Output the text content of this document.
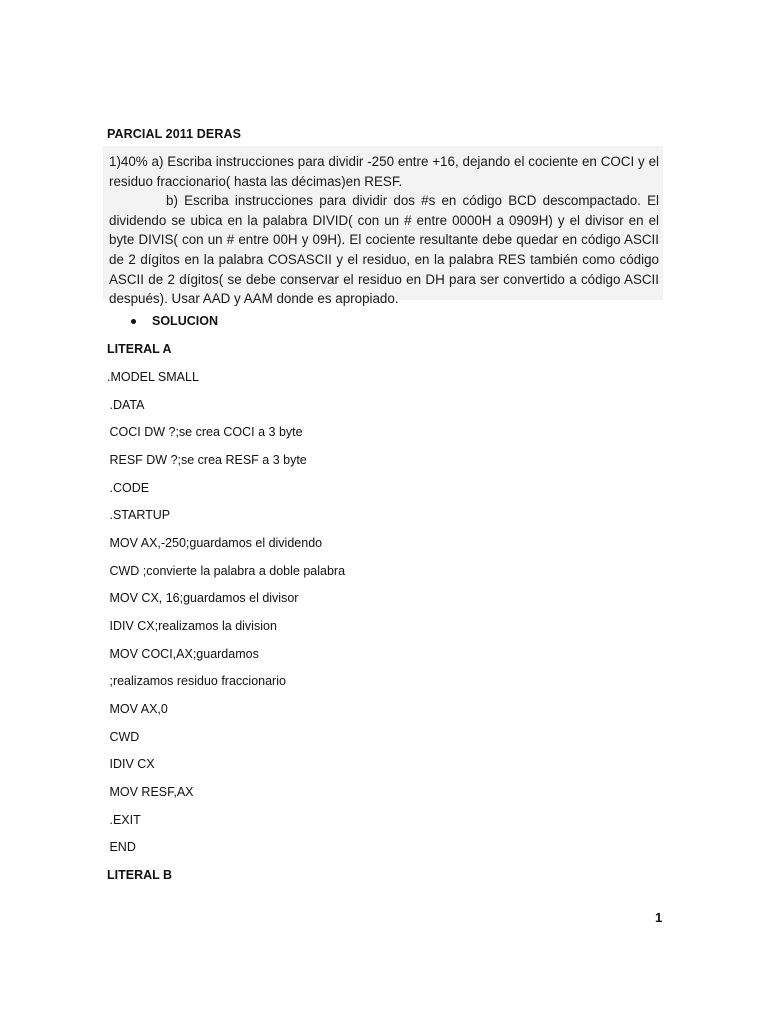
PARCIAL 2011 DERAS

1)40% a) Escriba instrucciones para dividir -250 entre +16, dejando el cociente en COCI y el residuo fraccionario( hasta las décimas)en RESF.

b) Escriba instrucciones para dividir dos #s en código BCD descompactado. El dividendo se ubica en la palabra DIVID( con un # entre 0000H a 0909H) y el divisor en el byte DIVIS( con un # entre 00H y 09H). El cociente resultante debe quedar en código ASCII de 2 dígitos en la palabra COSASCII y el residuo, en la palabra RES también como código ASCII de 2 dígitos( se debe conservar el residuo en DH para ser convertido a código ASCII después). Usar AAD y AAM donde es apropiado.

SOLUCION
LITERAL A
.MODEL SMALL
.DATA
COCI DW ?;se crea COCI a 3 byte
RESF DW ?;se crea RESF a 3 byte
.CODE
.STARTUP
MOV AX,-250;guardamos el dividendo
CWD ;convierte la palabra a doble palabra
MOV CX, 16;guardamos el divisor
IDIV CX;realizamos la division
MOV COCI,AX;guardamos
;realizamos residuo fraccionario
MOV AX,0
CWD
IDIV CX
MOV RESF,AX
.EXIT
END
LITERAL B
1
